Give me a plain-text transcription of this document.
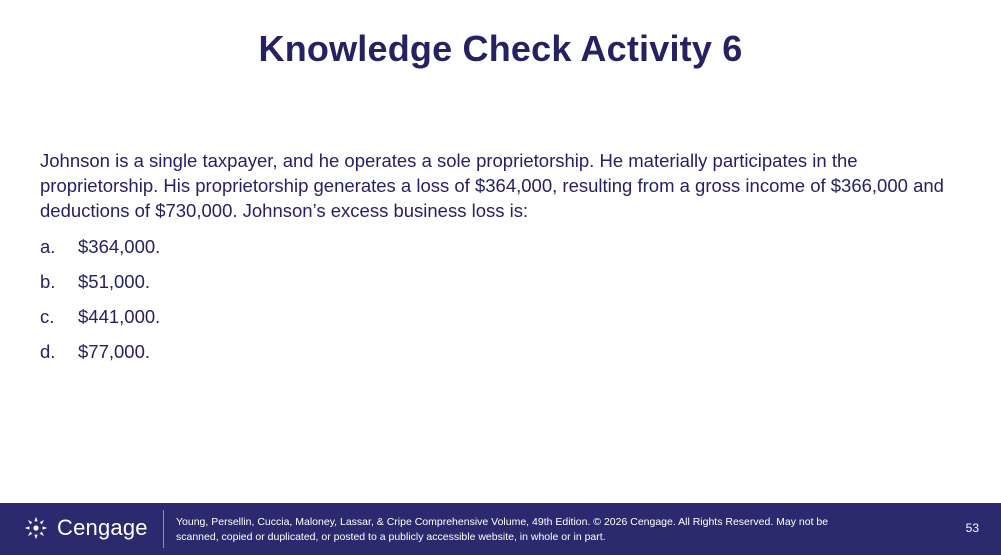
Knowledge Check Activity 6
Johnson is a single taxpayer, and he operates a sole proprietorship. He materially participates in the proprietorship. His proprietorship generates a loss of $364,000, resulting from a gross income of $366,000 and deductions of $730,000. Johnson’s excess business loss is:
a.	$364,000.
b.	$51,000.
c.	$441,000.
d.	$77,000.
Cengage	Young, Persellin, Cuccia, Maloney, Lassar, & Cripe Comprehensive Volume, 49th Edition. © 2026 Cengage. All Rights Reserved. May not be
scanned, copied or duplicated, or posted to a publicly accessible website, in whole or in part.
53
